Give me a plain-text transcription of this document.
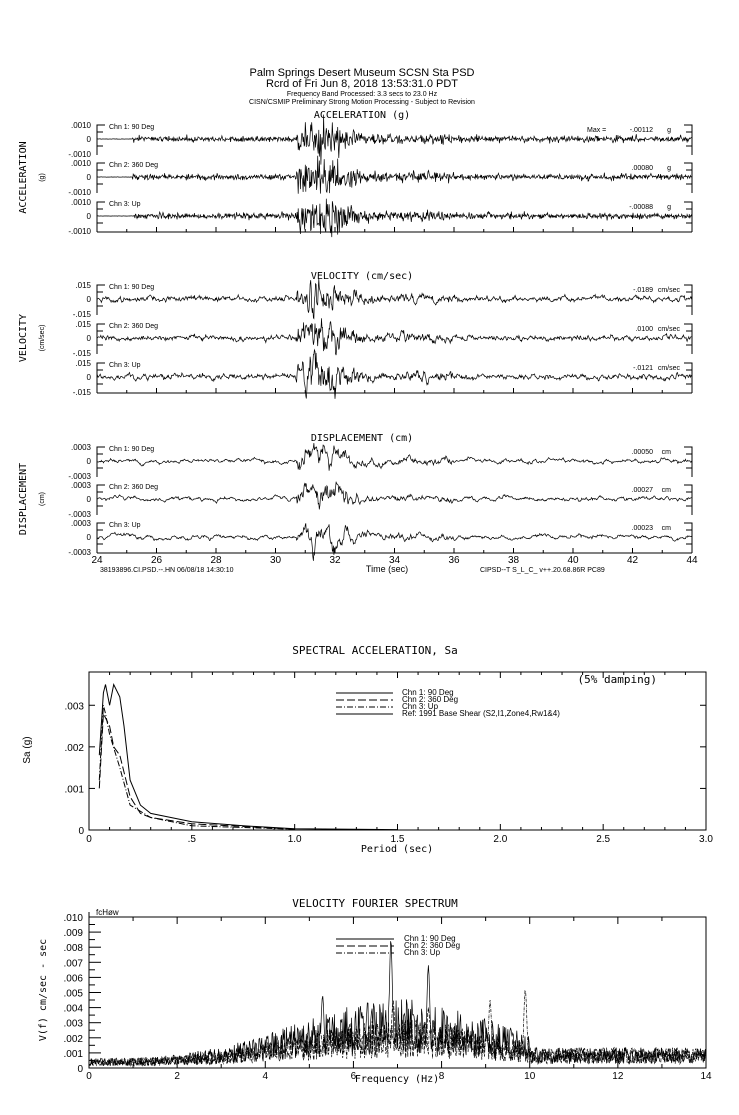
Palm Springs Desert Museum SCSN Sta PSD
Rcrd of Fri Jun 8, 2018 13:53:31.0 PDT
Frequency Band Processed: 3.3 secs to 23.0 Hz
CISN/CSMIP Preliminary Strong Motion Processing - Subject to Revision
ACCELERATION (g)
ACCELERATION (g)
.0010
0
-.0010
Chn 1: 90 Deg	Max =	-.00112 g
.0010
0
-.0010
Chn 2: 360 Deg	.00080 g
.0010
0
-.0010
Chn 3: Up	-.00088 g
VELOCITY (cm/sec)
VELOCITY (cm/sec)
.015
0
-.015
Chn 1: 90 Deg	-.0189 cm/sec
.015
0
-.015
Chn 2: 360 Deg	.0100 cm/sec
.015
0
-.015
Chn 3: Up	-.0121 cm/sec
DISPLACEMENT (cm)
DISPLACEMENT (cm)
.0003
0
-.0003
Chn 1: 90 Deg	.00050 cm
.0003
0
-.0003
Chn 2: 360 Deg	.00027 cm
.0003
0
-.0003
Chn 3: Up	.00023 cm
24	26	28	30	32	34	36	38	40	42	44
Time (sec)
SPECTRAL ACCELERATION, Sa
0	.5	1.0	1.5	2.0	2.5	3.0
0
.001
.002
.003
Period (sec)
Sa (g)
(5% damping)
Chn 1: 90 Deg
Chn 2: 360 Deg
Chn 3: Up
Ref: 1991 Base Shear (S2,I1,Zone4,Rw1&4)
VELOCITY FOURIER SPECTRUM
fcHøw
0	2	4	6	8	10	12	14
.010
.009
.008
.007
.006
.005
.004
.003
.002
.001
0
Frequency (Hz)
V(f) cm/sec - sec
Chn 1: 90 Deg
Chn 2: 360 Deg
Chn 3: Up
38193896.CI.PSD.--.HN 06/08/18 14:30:10	CIPSD--T S_L_C_ v++.20.68.86R PC89
